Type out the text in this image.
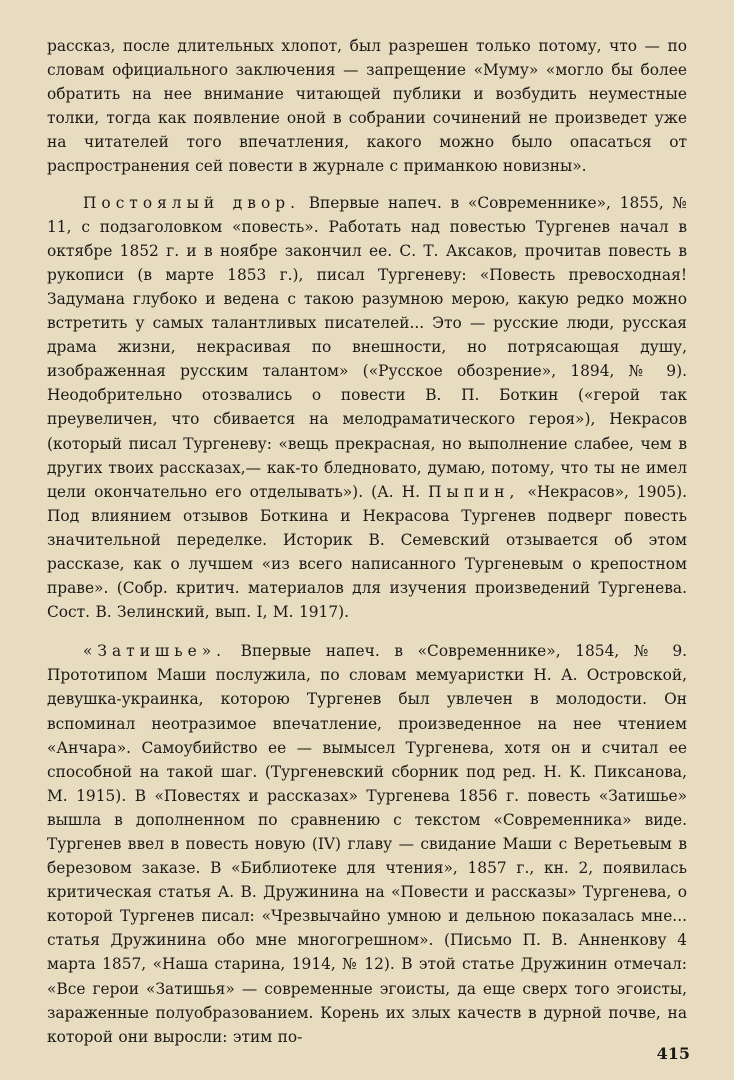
рассказ, после длительных хлопот, был разрешен только потому, что — по словам официального заключения — запрещение «Муму» «могло бы более обратить на нее внимание читающей публики и возбудить неуместные толки, тогда как появление оной в собрании сочинений не произведет уже на читателей того впечатления, какого можно было опасаться от распространения сей повести в журнале с приманкою новизны».

Постоялый двор. Впервые напеч. в «Современнике», 1855, № 11, с подзаголовком «повесть». Работать над повестью Тургенев начал в октябре 1852 г. и в ноябре закончил ее. С. Т. Аксаков, прочитав повесть в рукописи (в марте 1853 г.), писал Тургеневу: «Повесть превосходная! Задумана глубоко и ведена с такою разумною мерою, какую редко можно встретить у самых талантливых писателей... Это — русские люди, русская драма жизни, некрасивая по внешности, но потрясающая душу, изображенная русским талантом» («Русское обозрение», 1894, № 9). Неодобрительно отозвались о повести В. П. Боткин («герой так преувеличен, что сбивается на мелодраматического героя»), Некрасов (который писал Тургеневу: «вещь прекрасная, но выполнение слабее, чем в других твоих рассказах,— как-то бледновато, думаю, потому, что ты не имел цели окончательно его отделывать»). (А. Н. Пыпин, «Некрасов», 1905). Под влиянием отзывов Боткина и Некрасова Тургенев подверг повесть значительной переделке. Историк В. Семевский отзывается об этом рассказе, как о лучшем «из всего написанного Тургеневым о крепостном праве». (Собр. критич. материалов для изучения произведений Тургенева. Сост. В. Зелинский, вып. I, М. 1917).

«Затишье». Впервые напеч. в «Современнике», 1854, № 9. Прототипом Маши послужила, по словам мемуаристки Н. А. Островской, девушка-украинка, которою Тургенев был увлечен в молодости. Он вспоминал неотразимое впечатление, произведенное на нее чтением «Анчара». Самоубийство ее — вымысел Тургенева, хотя он и считал ее способной на такой шаг. (Тургеневский сборник под ред. Н. К. Пиксанова, М. 1915). В «Повестях и рассказах» Тургенева 1856 г. повесть «Затишье» вышла в дополненном по сравнению с текстом «Современника» виде. Тургенев ввел в повесть новую (IV) главу — свидание Маши с Веретьевым в березовом заказе. В «Библиотеке для чтения», 1857 г., кн. 2, появилась критическая статья А. В. Дружинина на «Повести и рассказы» Тургенева, о которой Тургенев писал: «Чрезвычайно умною и дельною показалась мне... статья Дружинина обо мне многогрешном». (Письмо П. В. Анненкову 4 марта 1857, «Наша старина, 1914, № 12). В этой статье Дружинин отмечал: «Все герои «Затишья» — современные эгоисты, да еще сверх того эгоисты, зараженные полуобразованием. Корень их злых качеств в дурной почве, на которой они выросли: этим по-

415
